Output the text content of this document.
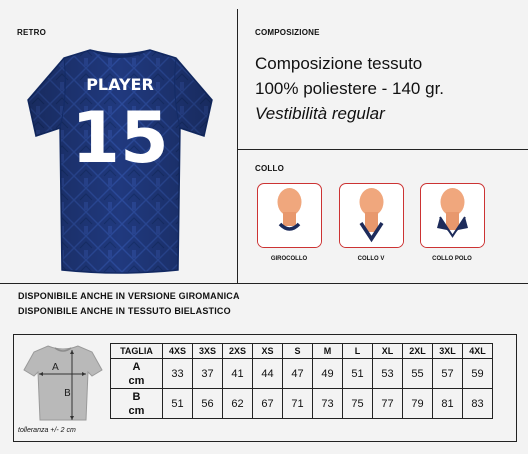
RETRO
PLAYER
15
COMPOSIZIONE
Composizione tessuto
100% poliestere - 140 gr.
Vestibilità regular
COLLO
GIROCOLLO	COLLO V	COLLO POLO
DISPONIBILE ANCHE IN VERSIONE GIROMANICA
DISPONIBILE ANCHE IN TESSUTO BIELASTICO
A
B
tolleranza +/- 2 cm
TAGLIA	4XS	3XS	2XS	XS	S	M	L	XL	2XL	3XL	4XL

A
cm	33	37	41	44	47	49	51	53	55	57	59

B
cm	51	56	62	67	71	73	75	77	79	81	83
